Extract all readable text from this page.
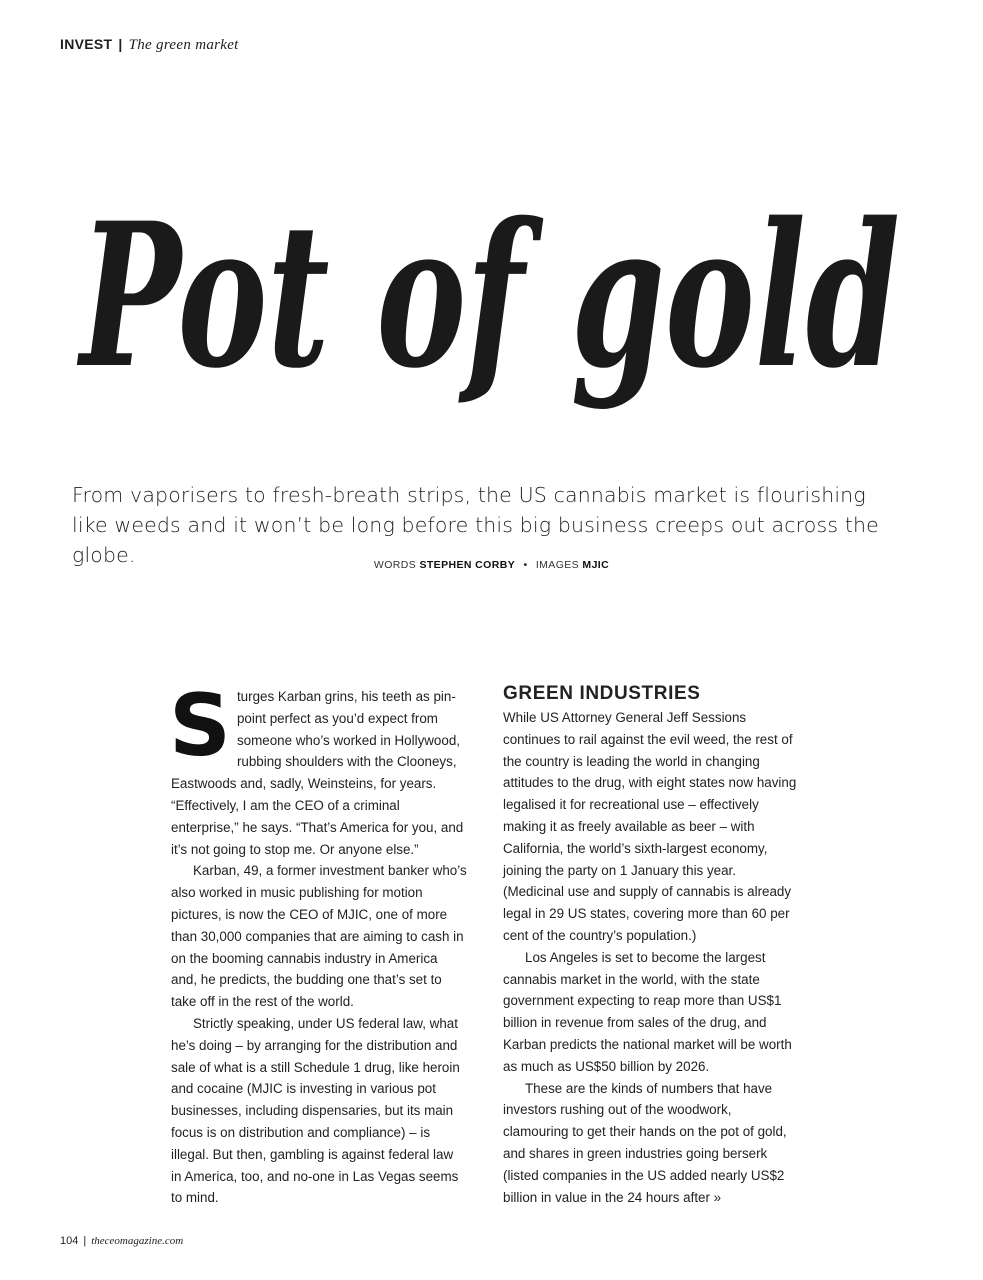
INVEST | The green market
Pot of gold
From vaporisers to fresh-breath strips, the US cannabis market is flourishing like weeds and it won’t be long before this big business creeps out across the globe.	WORDS STEPHEN CORBY • IMAGES MJIC
S turges Karban grins, his teeth as pin-point perfect as you’d expect from someone who’s worked in Hollywood, rubbing shoulders with the Clooneys, Eastwoods and, sadly, Weinsteins, for years. “Effectively, I am the CEO of a criminal enterprise,” he says. “That’s America for you, and it’s not going to stop me. Or anyone else.”

Karban, 49, a former investment banker who’s also worked in music publishing for motion pictures, is now the CEO of MJIC, one of more than 30,000 companies that are aiming to cash in on the booming cannabis industry in America and, he predicts, the budding one that’s set to take off in the rest of the world.

Strictly speaking, under US federal law, what he’s doing – by arranging for the distribution and sale of what is a still Schedule 1 drug, like heroin and cocaine (MJIC is investing in various pot businesses, including dispensaries, but its main focus is on distribution and compliance) – is illegal. But then, gambling is against federal law in America, too, and no-one in Las Vegas seems to mind.

GREEN INDUSTRIES

While US Attorney General Jeff Sessions continues to rail against the evil weed, the rest of the country is leading the world in changing attitudes to the drug, with eight states now having legalised it for recreational use – effectively making it as freely available as beer – with California, the world’s sixth-largest economy, joining the party on 1 January this year. (Medicinal use and supply of cannabis is already legal in 29 US states, covering more than 60 per cent of the country’s population.)

Los Angeles is set to become the largest cannabis market in the world, with the state government expecting to reap more than US$1 billion in revenue from sales of the drug, and Karban predicts the national market will be worth as much as US$50 billion by 2026.

These are the kinds of numbers that have investors rushing out of the woodwork, clamouring to get their hands on the pot of gold, and shares in green industries going berserk (listed companies in the US added nearly US$2 billion in value in the 24 hours after »

104 | theceomagazine.com
